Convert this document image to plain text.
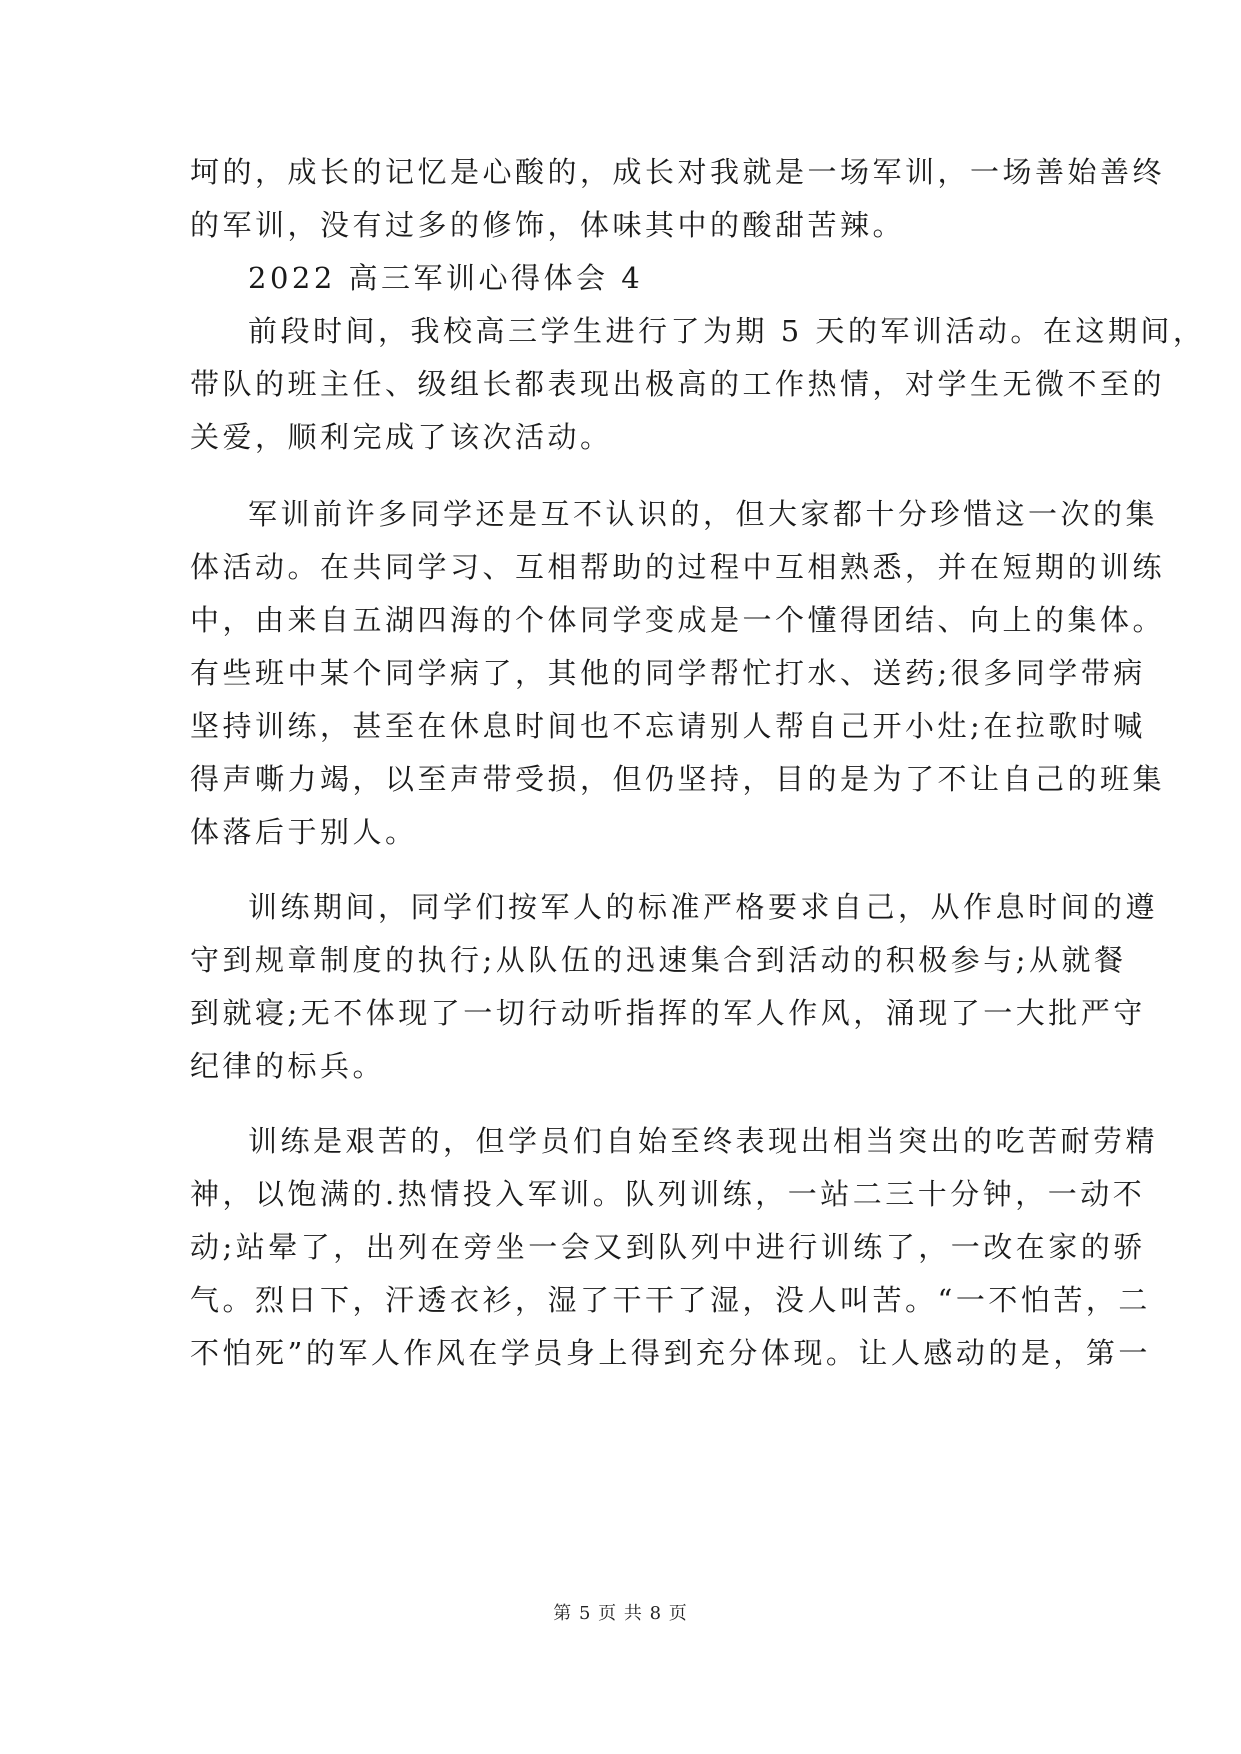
坷的，成长的记忆是心酸的，成长对我就是一场军训，一场善始善终
的军训，没有过多的修饰，体味其中的酸甜苦辣。
2022 高三军训心得体会 4
前段时间，我校高三学生进行了为期 5 天的军训活动。在这期间，
带队的班主任、级组长都表现出极高的工作热情，对学生无微不至的
关爱，顺利完成了该次活动。
军训前许多同学还是互不认识的，但大家都十分珍惜这一次的集
体活动。在共同学习、互相帮助的过程中互相熟悉，并在短期的训练
中，由来自五湖四海的个体同学变成是一个懂得团结、向上的集体。
有些班中某个同学病了，其他的同学帮忙打水、送药;很多同学带病
坚持训练，甚至在休息时间也不忘请别人帮自己开小灶;在拉歌时喊
得声嘶力竭，以至声带受损，但仍坚持，目的是为了不让自己的班集
体落后于别人。
训练期间，同学们按军人的标准严格要求自己，从作息时间的遵
守到规章制度的执行;从队伍的迅速集合到活动的积极参与;从就餐
到就寝;无不体现了一切行动听指挥的军人作风，涌现了一大批严守
纪律的标兵。
训练是艰苦的，但学员们自始至终表现出相当突出的吃苦耐劳精
神，以饱满的.热情投入军训。队列训练，一站二三十分钟，一动不
动;站晕了，出列在旁坐一会又到队列中进行训练了，一改在家的骄
气。烈日下，汗透衣衫，湿了干干了湿，没人叫苦。“一不怕苦，二
不怕死”的军人作风在学员身上得到充分体现。让人感动的是，第一
第 5 页 共 8 页
